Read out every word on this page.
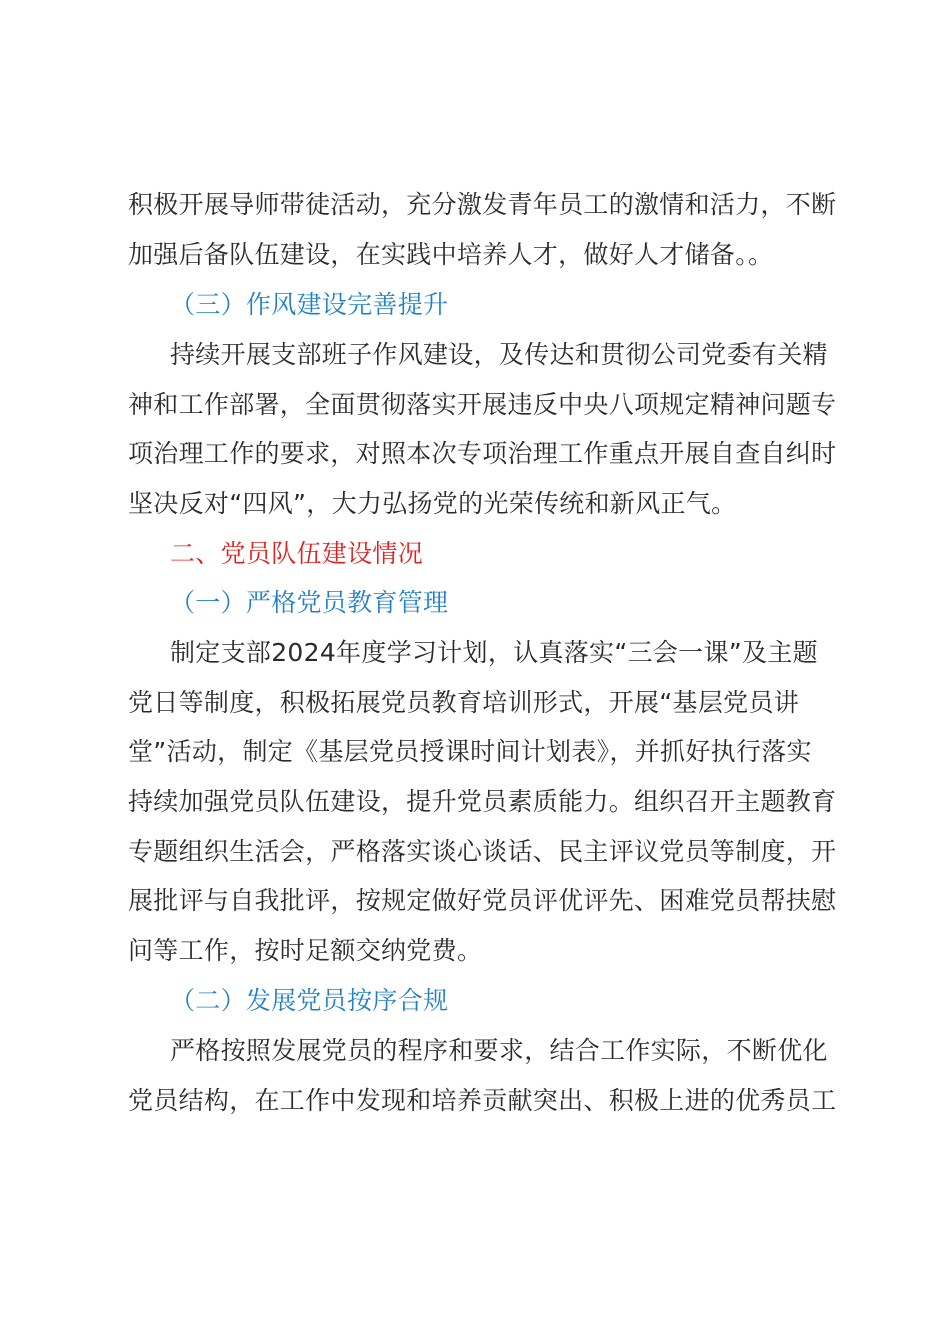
积极开展导师带徒活动，充分激发青年员工的激情和活力，不断
加强后备队伍建设，在实践中培养人才，做好人才储备。。
（三）作风建设完善提升
持续开展支部班子作风建设，及传达和贯彻公司党委有关精
神和工作部署，全面贯彻落实开展违反中央八项规定精神问题专
项治理工作的要求，对照本次专项治理工作重点开展自查自纠时
坚决反对“四风”，大力弘扬党的光荣传统和新风正气。
二、党员队伍建设情况
（一）严格党员教育管理
制定支部2024年度学习计划，认真落实“三会一课”及主题
党日等制度，积极拓展党员教育培训形式，开展“基层党员讲
堂”活动，制定《基层党员授课时间计划表》，并抓好执行落实
持续加强党员队伍建设，提升党员素质能力。组织召开主题教育
专题组织生活会，严格落实谈心谈话、民主评议党员等制度，开
展批评与自我批评，按规定做好党员评优评先、困难党员帮扶慰
问等工作，按时足额交纳党费。
（二）发展党员按序合规
严格按照发展党员的程序和要求，结合工作实际，不断优化
党员结构，在工作中发现和培养贡献突出、积极上进的优秀员工
